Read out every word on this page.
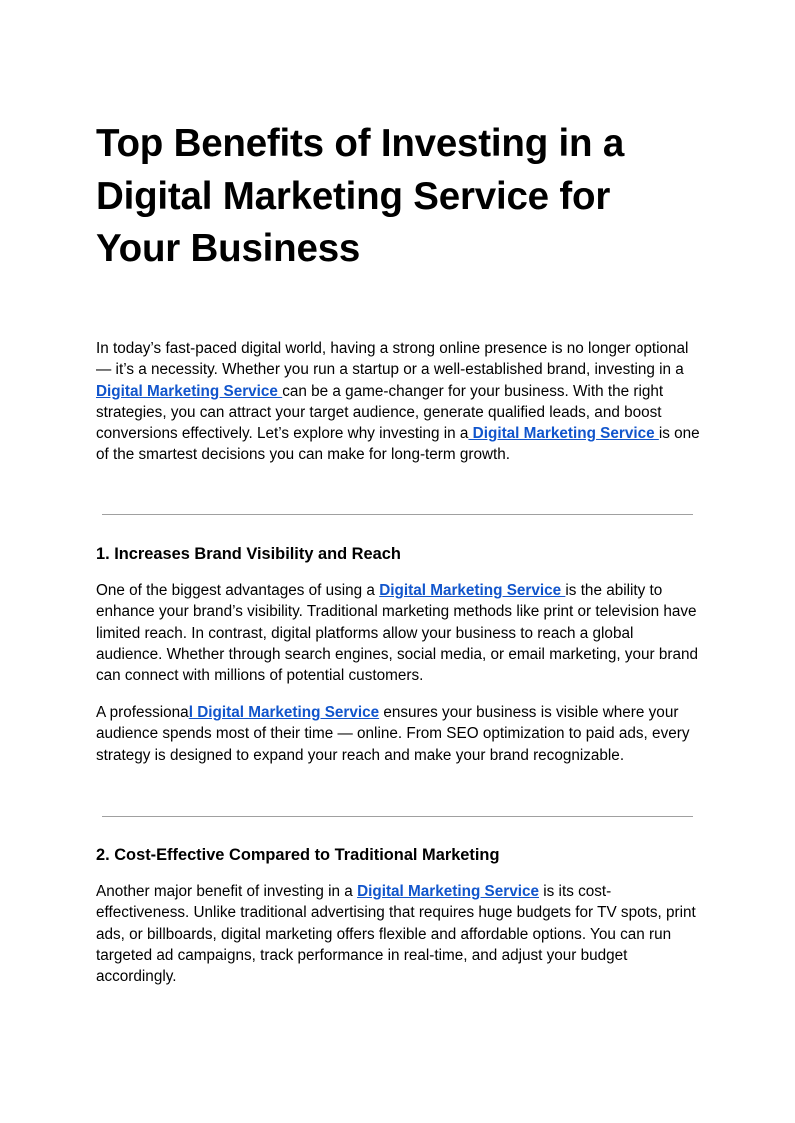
Top Benefits of Investing in a Digital Marketing Service for Your Business

In today’s fast-paced digital world, having a strong online presence is no longer optional — it’s a necessity. Whether you run a startup or a well-established brand, investing in a Digital Marketing Service can be a game-changer for your business. With the right strategies, you can attract your target audience, generate qualified leads, and boost conversions effectively. Let’s explore why investing in a Digital Marketing Service is one of the smartest decisions you can make for long-term growth.

1. Increases Brand Visibility and Reach

One of the biggest advantages of using a Digital Marketing Service is the ability to enhance your brand’s visibility. Traditional marketing methods like print or television have limited reach. In contrast, digital platforms allow your business to reach a global audience. Whether through search engines, social media, or email marketing, your brand can connect with millions of potential customers.

A professional Digital Marketing Service ensures your business is visible where your audience spends most of their time — online. From SEO optimization to paid ads, every strategy is designed to expand your reach and make your brand recognizable.

2. Cost-Effective Compared to Traditional Marketing

Another major benefit of investing in a Digital Marketing Service is its cost-effectiveness. Unlike traditional advertising that requires huge budgets for TV spots, print ads, or billboards, digital marketing offers flexible and affordable options. You can run targeted ad campaigns, track performance in real-time, and adjust your budget accordingly.
